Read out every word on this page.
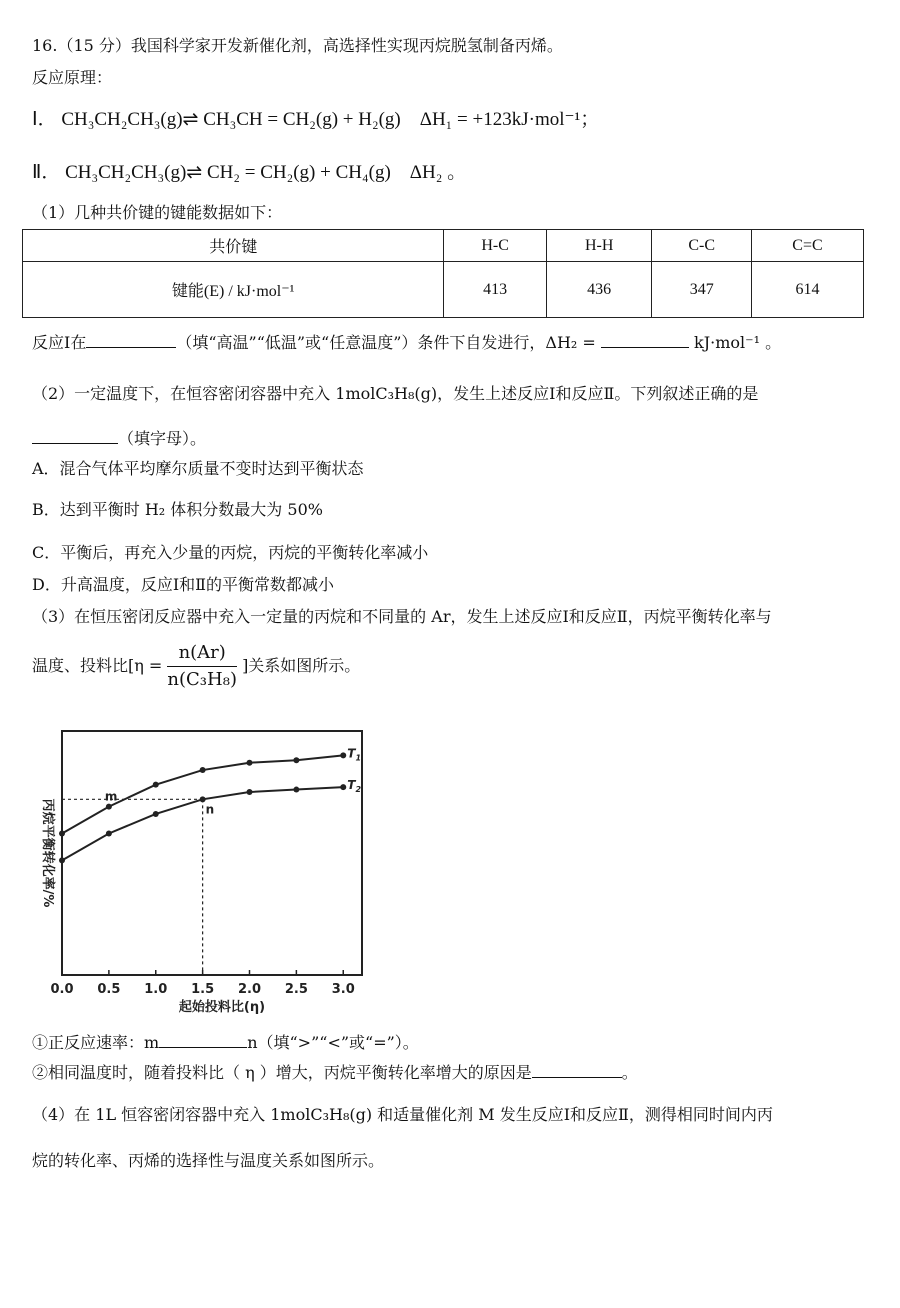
16.（15 分）我国科学家开发新催化剂，高选择性实现丙烷脱氢制备丙烯。
反应原理：
Ⅰ． CH₃CH₂CH₃(g)⇌ CH₃CH = CH₂(g) + H₂(g)　ΔH₁ = +123kJ·mol⁻¹；
Ⅱ． CH₃CH₂CH₃(g)⇌ CH₂ = CH₂(g) + CH₄(g)　ΔH₂ 。
（1）几种共价键的键能数据如下：
共价键	H-C	H-H	C-C	C=C
键能(E) / kJ·mol⁻¹	413	436	347	614
反应Ⅰ在	（填“高温”“低温”或“任意温度”）条件下自发进行，ΔH₂ =	kJ·mol⁻¹ 。
（2）一定温度下，在恒容密闭容器中充入 1molC₃H₈(g)，发生上述反应Ⅰ和反应Ⅱ。下列叙述正确的是
（填字母）。
A．混合气体平均摩尔质量不变时达到平衡状态
B．达到平衡时 H₂ 体积分数最大为 50%
C．平衡后，再充入少量的丙烷，丙烷的平衡转化率减小
D．升高温度，反应Ⅰ和Ⅱ的平衡常数都减小
（3）在恒压密闭反应器中充入一定量的丙烷和不同量的 Ar，发生上述反应Ⅰ和反应Ⅱ，丙烷平衡转化率与
温度、投料比[$\eta = \frac{n(Ar)}{\text{n(C₃H₈)}}$ ]关系如图所示。
0.0 0.5 1.0 1.5 2.0 2.5 3.0
起始投料比(η)
丙烷平衡转化率/%
$T_1$
$T_2$
m
n
①正反应速率：m	n（填“>”“<”或“=”）。
②相同温度时，随着投料比（ η ）增大，丙烷平衡转化率增大的原因是	。
（4）在 1L 恒容密闭容器中充入 1molC₃H₈(g) 和适量催化剂 M 发生反应Ⅰ和反应Ⅱ，测得相同时间内丙
烷的转化率、丙烯的选择性与温度关系如图所示。
